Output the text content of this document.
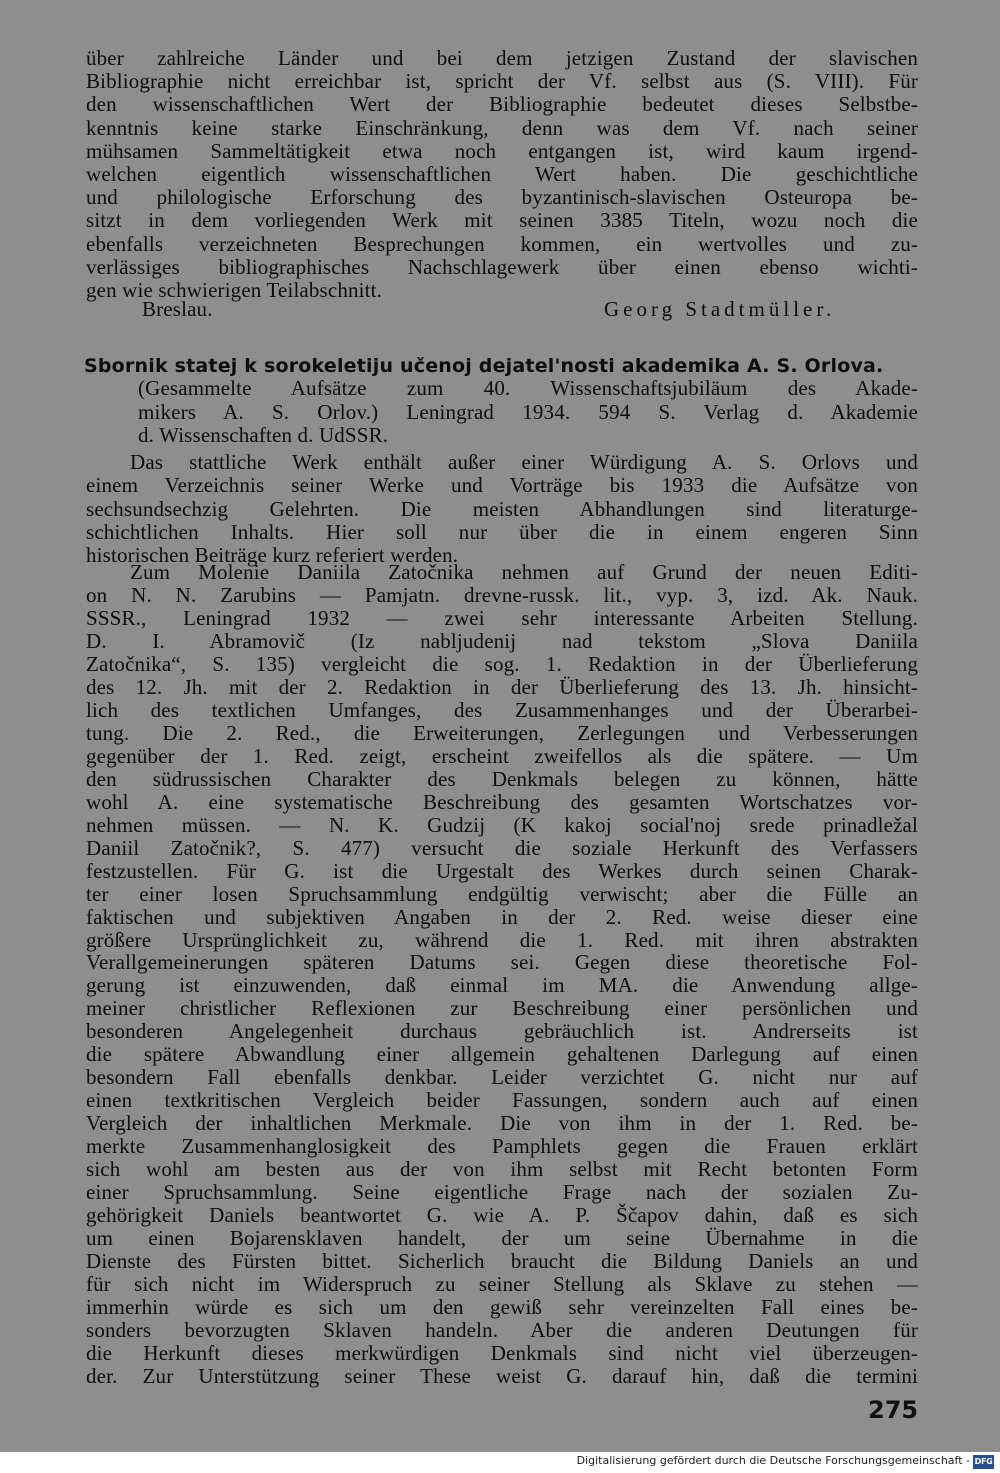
über zahlreiche Länder und bei dem jetzigen Zustand der slavischen
Bibliographie nicht erreichbar ist, spricht der Vf. selbst aus (S. VIII). Für
den wissenschaftlichen Wert der Bibliographie bedeutet dieses Selbstbe-
kenntnis keine starke Einschränkung, denn was dem Vf. nach seiner
mühsamen Sammeltätigkeit etwa noch entgangen ist, wird kaum irgend-
welchen eigentlich wissenschaftlichen Wert haben. Die geschichtliche
und philologische Erforschung des byzantinisch-slavischen Osteuropa be-
sitzt in dem vorliegenden Werk mit seinen 3385 Titeln, wozu noch die
ebenfalls verzeichneten Besprechungen kommen, ein wertvolles und zu-
verlässiges bibliographisches Nachschlagewerk über einen ebenso wichti-
gen wie schwierigen Teilabschnitt.
Breslau.	Georg Stadtmüller.
Sbornik statej k sorokeletiju učenoj dejatel'nosti akademika A. S. Orlova.
(Gesammelte Aufsätze zum 40. Wissenschaftsjubiläum des Akade-
mikers A. S. Orlov.) Leningrad 1934. 594 S. Verlag d. Akademie
d. Wissenschaften d. UdSSR.
Das stattliche Werk enthält außer einer Würdigung A. S. Orlovs und
einem Verzeichnis seiner Werke und Vorträge bis 1933 die Aufsätze von
sechsundsechzig Gelehrten. Die meisten Abhandlungen sind literaturge-
schichtlichen Inhalts. Hier soll nur über die in einem engeren Sinn
historischen Beiträge kurz referiert werden.
Zum Molenie Daniila Zatočnika nehmen auf Grund der neuen Editi-
on N. N. Zarubins — Pamjatn. drevne-russk. lit., vyp. 3, izd. Ak. Nauk.
SSSR., Leningrad 1932 — zwei sehr interessante Arbeiten Stellung.
D. I. Abramovič (Iz nabljudenij nad tekstom „Slova Daniila
Zatočnika“, S. 135) vergleicht die sog. 1. Redaktion in der Überlieferung
des 12. Jh. mit der 2. Redaktion in der Überlieferung des 13. Jh. hinsicht-
lich des textlichen Umfanges, des Zusammenhanges und der Überarbei-
tung. Die 2. Red., die Erweiterungen, Zerlegungen und Verbesserungen
gegenüber der 1. Red. zeigt, erscheint zweifellos als die spätere. — Um
den südrussischen Charakter des Denkmals belegen zu können, hätte
wohl A. eine systematische Beschreibung des gesamten Wortschatzes vor-
nehmen müssen. — N. K. Gudzij (K kakoj social'noj srede prinadležal
Daniil Zatočnik?, S. 477) versucht die soziale Herkunft des Verfassers
festzustellen. Für G. ist die Urgestalt des Werkes durch seinen Charak-
ter einer losen Spruchsammlung endgültig verwischt; aber die Fülle an
faktischen und subjektiven Angaben in der 2. Red. weise dieser eine
größere Ursprünglichkeit zu, während die 1. Red. mit ihren abstrakten
Verallgemeinerungen späteren Datums sei. Gegen diese theoretische Fol-
gerung ist einzuwenden, daß einmal im MA. die Anwendung allge-
meiner christlicher Reflexionen zur Beschreibung einer persönlichen und
besonderen Angelegenheit durchaus gebräuchlich ist. Andrerseits ist
die spätere Abwandlung einer allgemein gehaltenen Darlegung auf einen
besondern Fall ebenfalls denkbar. Leider verzichtet G. nicht nur auf
einen textkritischen Vergleich beider Fassungen, sondern auch auf einen
Vergleich der inhaltlichen Merkmale. Die von ihm in der 1. Red. be-
merkte Zusammenhanglosigkeit des Pamphlets gegen die Frauen erklärt
sich wohl am besten aus der von ihm selbst mit Recht betonten Form
einer Spruchsammlung. Seine eigentliche Frage nach der sozialen Zu-
gehörigkeit Daniels beantwortet G. wie A. P. Ščapov dahin, daß es sich
um einen Bojarensklaven handelt, der um seine Übernahme in die
Dienste des Fürsten bittet. Sicherlich braucht die Bildung Daniels an und
für sich nicht im Widerspruch zu seiner Stellung als Sklave zu stehen —
immerhin würde es sich um den gewiß sehr vereinzelten Fall eines be-
sonders bevorzugten Sklaven handeln. Aber die anderen Deutungen für
die Herkunft dieses merkwürdigen Denkmals sind nicht viel überzeugen-
der. Zur Unterstützung seiner These weist G. darauf hin, daß die termini
275
Digitalisierung gefördert durch die Deutsche Forschungsgemeinschaft - DFG
